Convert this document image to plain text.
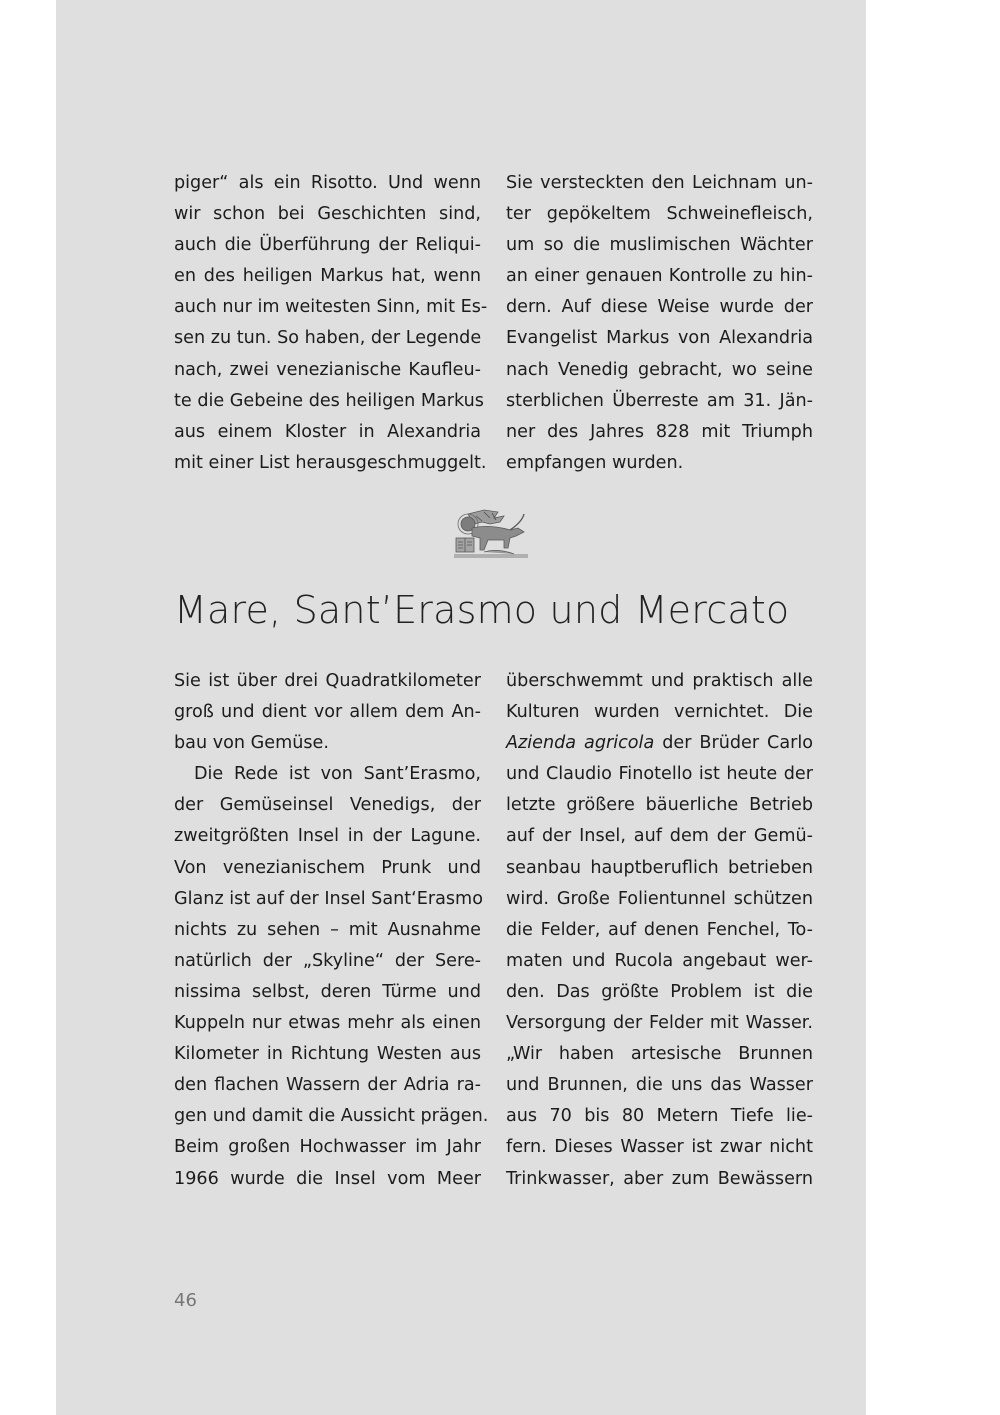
piger“ als ein Risotto. Und wenn
wir schon bei Geschichten sind,
auch die Überführung der Reliqui-
en des heiligen Markus hat, wenn
auch nur im weitesten Sinn, mit Es-
sen zu tun. So haben, der Legende
nach, zwei venezianische Kaufleu-
te die Gebeine des heiligen Markus
aus einem Kloster in Alexandria
mit einer List herausgeschmuggelt.
Sie versteckten den Leichnam un-
ter gepökeltem Schweinefleisch,
um so die muslimischen Wächter
an einer genauen Kontrolle zu hin-
dern. Auf diese Weise wurde der
Evangelist Markus von Alexandria
nach Venedig gebracht, wo seine
sterblichen Überreste am 31. Jän-
ner des Jahres 828 mit Triumph
empfangen wurden.
Mare, Sant’Erasmo und Mercato
Sie ist über drei Quadratkilometer
groß und dient vor allem dem An-
bau von Gemüse.
Die Rede ist von Sant’Erasmo,
der Gemüseinsel Venedigs, der
zweitgrößten Insel in der Lagune.
Von venezianischem Prunk und
Glanz ist auf der Insel Sant‘Erasmo
nichts zu sehen – mit Ausnahme
natürlich der „Skyline“ der Sere-
nissima selbst, deren Türme und
Kuppeln nur etwas mehr als einen
Kilometer in Richtung Westen aus
den flachen Wassern der Adria ra-
gen und damit die Aussicht prägen.
Beim großen Hochwasser im Jahr
1966 wurde die Insel vom Meer
überschwemmt und praktisch alle
Kulturen wurden vernichtet. Die
Azienda agricola der Brüder Carlo
und Claudio Finotello ist heute der
letzte größere bäuerliche Betrieb
auf der Insel, auf dem der Gemü-
seanbau hauptberuflich betrieben
wird. Große Folientunnel schützen
die Felder, auf denen Fenchel, To-
maten und Rucola angebaut wer-
den. Das größte Problem ist die
Versorgung der Felder mit Wasser.
„Wir haben artesische Brunnen
und Brunnen, die uns das Wasser
aus 70 bis 80 Metern Tiefe lie-
fern. Dieses Wasser ist zwar nicht
Trinkwasser, aber zum Bewässern
46
